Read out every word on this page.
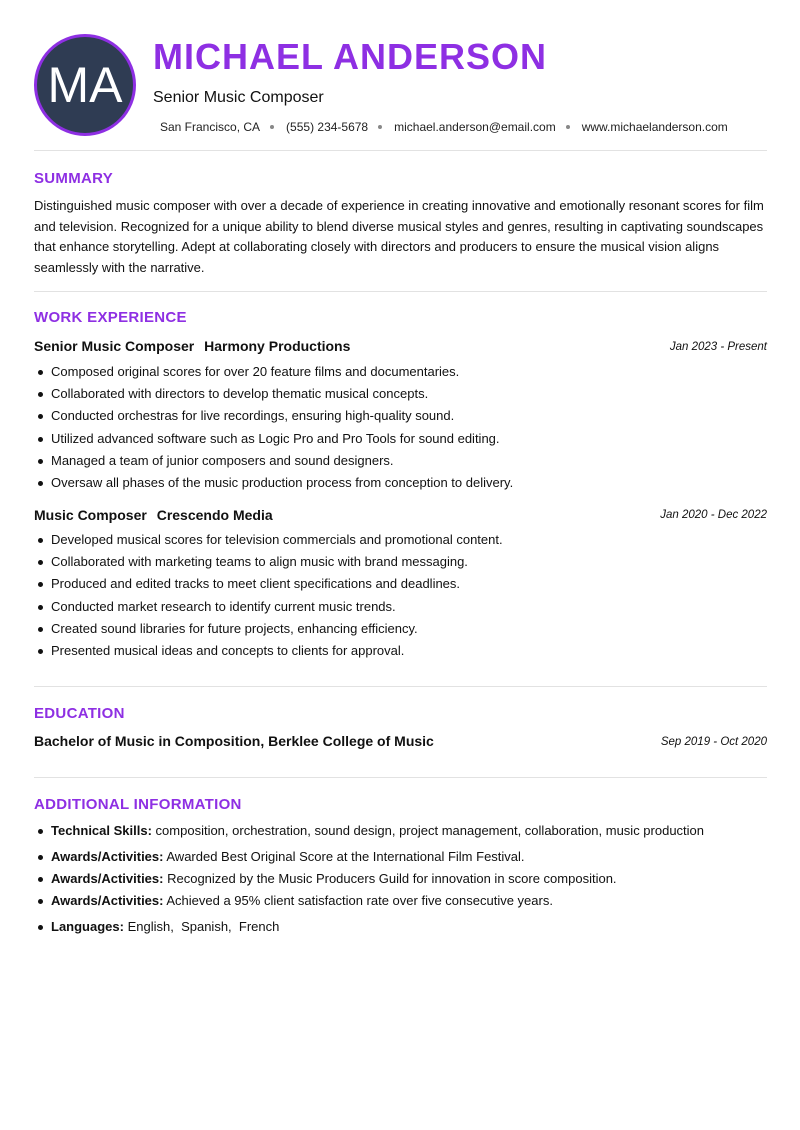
MA
MICHAEL ANDERSON
Senior Music Composer
San Francisco, CA (555) 234-5678 michael.anderson@email.com www.michaelanderson.com
SUMMARY
Distinguished music composer with over a decade of experience in creating innovative and emotionally resonant scores for film and television. Recognized for a unique ability to blend diverse musical styles and genres, resulting in captivating soundscapes that enhance storytelling. Adept at collaborating closely with directors and producers to ensure the musical vision aligns seamlessly with the narrative.
WORK EXPERIENCE
Senior Music Composer Harmony Productions	Jan 2023 - Present
Composed original scores for over 20 feature films and documentaries.
Collaborated with directors to develop thematic musical concepts.
Conducted orchestras for live recordings, ensuring high-quality sound.
Utilized advanced software such as Logic Pro and Pro Tools for sound editing.
Managed a team of junior composers and sound designers.
Oversaw all phases of the music production process from conception to delivery.
Music Composer Crescendo Media	Jan 2020 - Dec 2022
Developed musical scores for television commercials and promotional content.
Collaborated with marketing teams to align music with brand messaging.
Produced and edited tracks to meet client specifications and deadlines.
Conducted market research to identify current music trends.
Created sound libraries for future projects, enhancing efficiency.
Presented musical ideas and concepts to clients for approval.
EDUCATION
Bachelor of Music in Composition, Berklee College of Music	Sep 2019 - Oct 2020
ADDITIONAL INFORMATION
Technical Skills: composition, orchestration, sound design, project management, collaboration, music production
Awards/Activities: Awarded Best Original Score at the International Film Festival.
Awards/Activities: Recognized by the Music Producers Guild for innovation in score composition.
Awards/Activities: Achieved a 95% client satisfaction rate over five consecutive years.
Languages: English,  Spanish,  French
